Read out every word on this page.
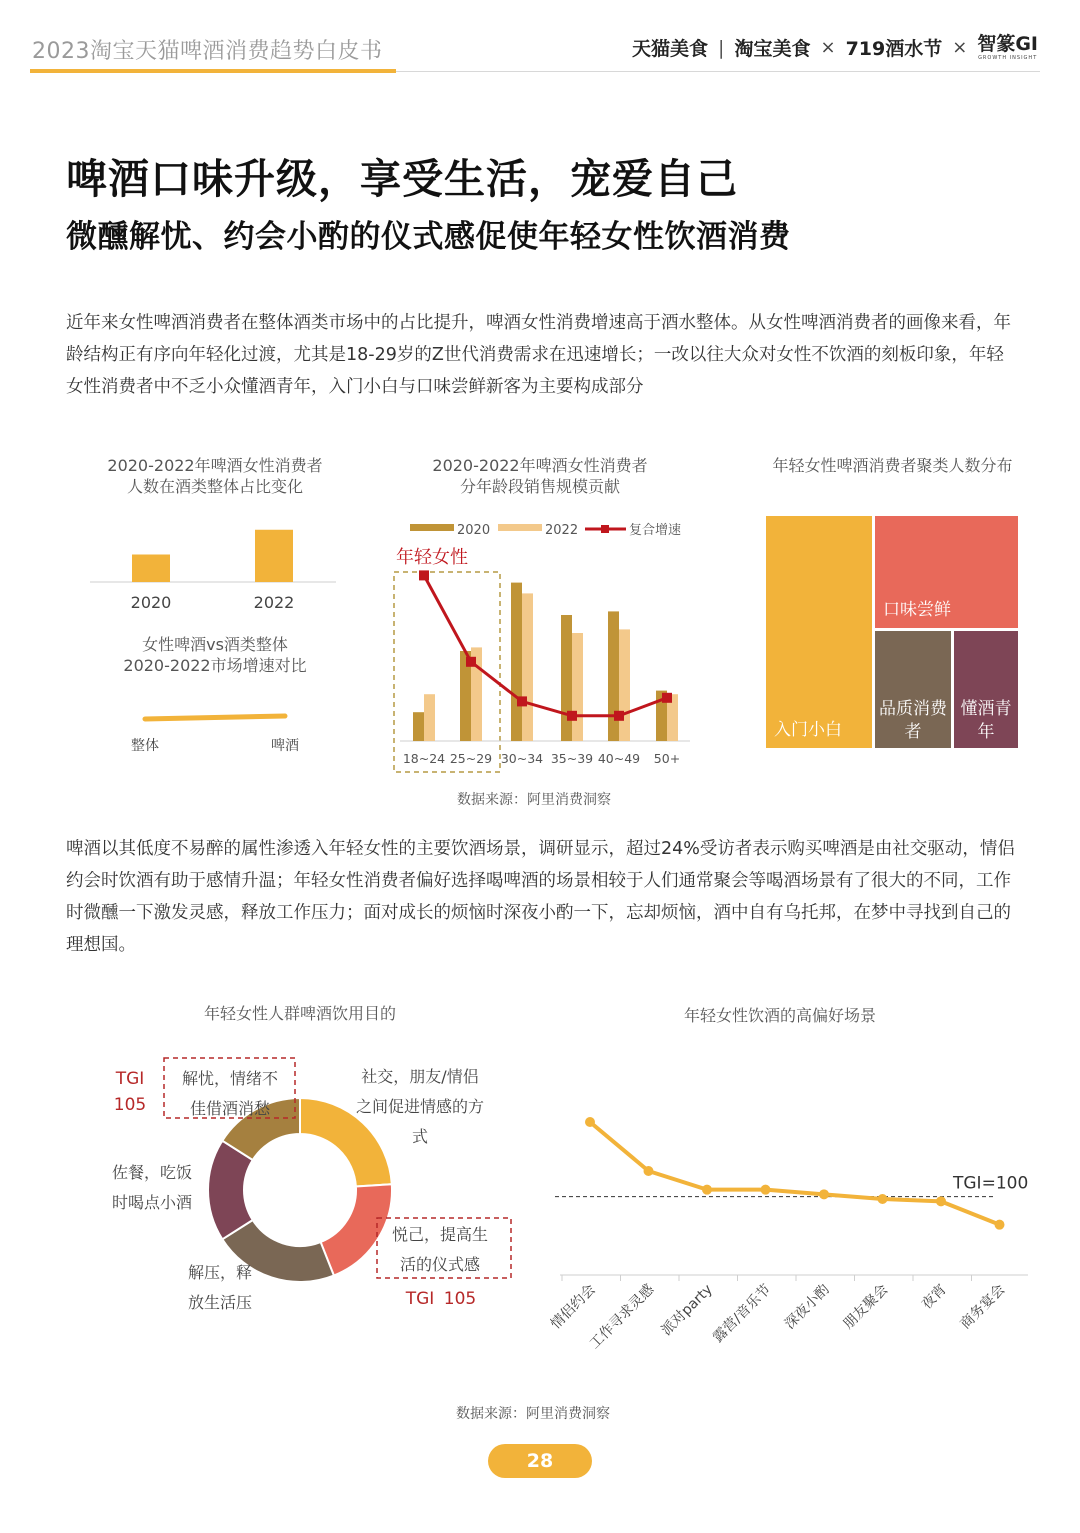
2023淘宝天猫啤酒消费趋势白皮书	天猫美食 | 淘宝美食 × 719酒水节 × 智篆GI
GROWTH INSIGHT
啤酒口味升级，享受生活，宠爱自己
微醺解忧、约会小酌的仪式感促使年轻女性饮酒消费
近年来女性啤酒消费者在整体酒类市场中的占比提升，啤酒女性消费增速高于酒水整体。从女性啤酒消费者的画像来看，年龄结构正有序向年轻化过渡，尤其是18-29岁的Z世代消费需求在迅速增长；一改以往大众对女性不饮酒的刻板印象，年轻女性消费者中不乏小众懂酒青年，入门小白与口味尝鲜新客为主要构成部分
2020-2022年啤酒女性消费者
人数在酒类整体占比变化
2020	2022
女性啤酒vs酒类整体
2020-2022市场增速对比
整体	啤酒
2020-2022年啤酒女性消费者
分年龄段销售规模贡献
2020	2022	复合增速
年轻女性
18~24 25~29 30~34 35~39 40~49 50+
数据来源：阿里消费洞察
年轻女性啤酒消费者聚类人数分布
入门小白
口味尝鲜
品质消费者
懂酒青年
啤酒以其低度不易醉的属性渗透入年轻女性的主要饮酒场景，调研显示，超过24%受访者表示购买啤酒是由社交驱动，情侣约会时饮酒有助于感情升温；年轻女性消费者偏好选择喝啤酒的场景相较于人们通常聚会等喝酒场景有了很大的不同，工作时微醺一下激发灵感，释放工作压力；面对成长的烦恼时深夜小酌一下，忘却烦恼，酒中自有乌托邦，在梦中寻找到自己的理想国。
年轻女性人群啤酒饮用目的
社交，朋友/情侣之间促进情感的方式
悦己，提高生活的仪式感
解压，释放生活压
佐餐，吃饭时喝点小酒
解忧，情绪不佳借酒消愁
TGI
105
TGI 105
年轻女性饮酒的高偏好场景
TGI=100
情侣约会
工作寻求灵感 派对party
露营/音乐节 深夜小酌 朋友聚会 夜宵 商务宴会
数据来源：阿里消费洞察
28
